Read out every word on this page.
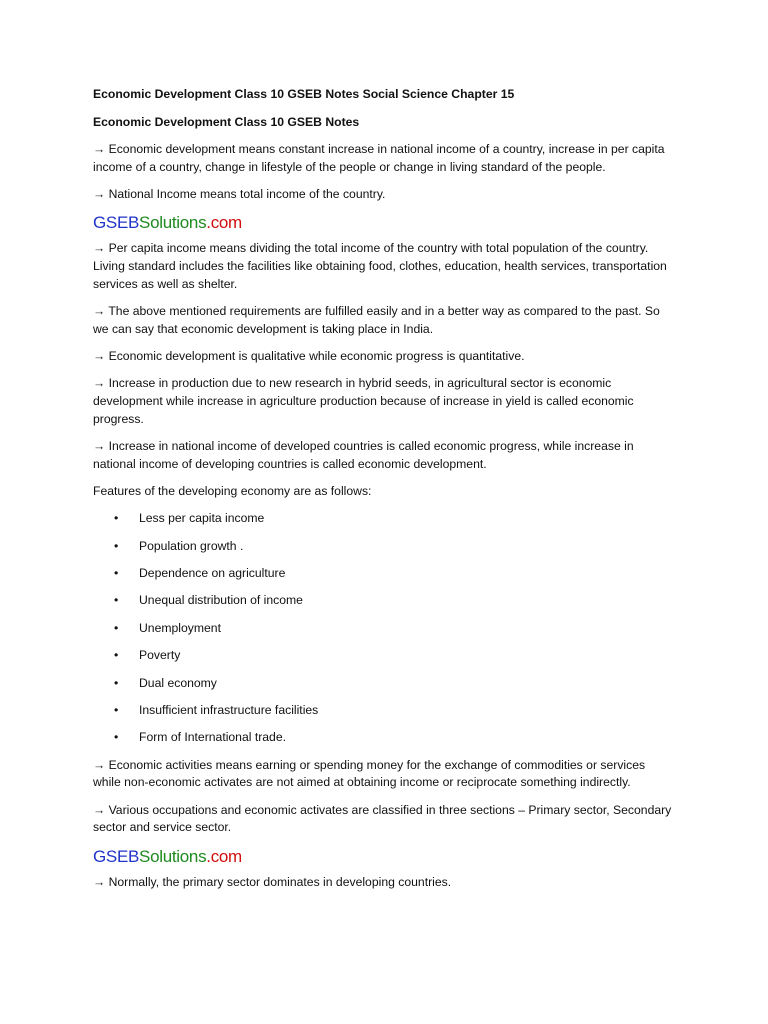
Economic Development Class 10 GSEB Notes Social Science Chapter 15

Economic Development Class 10 GSEB Notes

→ Economic development means constant increase in national income of a country, increase in per capita income of a country, change in lifestyle of the people or change in living standard of the people.

→ National Income means total income of the country.

GSEBSolutions.com

→ Per capita income means dividing the total income of the country with total population of the country. Living standard includes the facilities like obtaining food, clothes, education, health services, transportation services as well as shelter.

→ The above mentioned requirements are fulfilled easily and in a better way as compared to the past. So we can say that economic development is taking place in India.

→ Economic development is qualitative while economic progress is quantitative.

→ Increase in production due to new research in hybrid seeds, in agricultural sector is economic development while increase in agriculture production because of increase in yield is called economic progress.

→ Increase in national income of developed countries is called economic progress, while increase in national income of developing countries is called economic development.

Features of the developing economy are as follows:

• Less per capita income
• Population growth .
• Dependence on agriculture
• Unequal distribution of income
• Unemployment
• Poverty
• Dual economy
• Insufficient infrastructure facilities
• Form of International trade.

→ Economic activities means earning or spending money for the exchange of commodities or services while non-economic activates are not aimed at obtaining income or reciprocate something indirectly.

→ Various occupations and economic activates are classified in three sections – Primary sector, Secondary sector and service sector.

GSEBSolutions.com

→ Normally, the primary sector dominates in developing countries.
